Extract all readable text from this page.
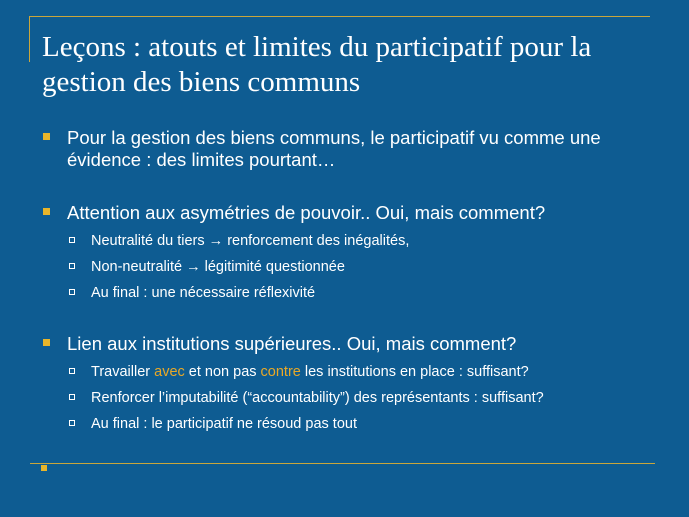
Leçons : atouts et limites du participatif pour la gestion des biens communs
Pour la gestion des biens communs, le participatif vu comme une évidence : des limites pourtant…
Attention aux asymétries de pouvoir.. Oui, mais comment?
Neutralité du tiers → renforcement des inégalités,
Non-neutralité → légitimité questionnée
Au final : une nécessaire réflexivité
Lien aux institutions supérieures.. Oui, mais comment?
Travailler avec et non pas contre les institutions en place : suffisant?
Renforcer l’imputabilité (“accountability”) des représentants : suffisant?
Au final : le participatif ne résoud pas tout
